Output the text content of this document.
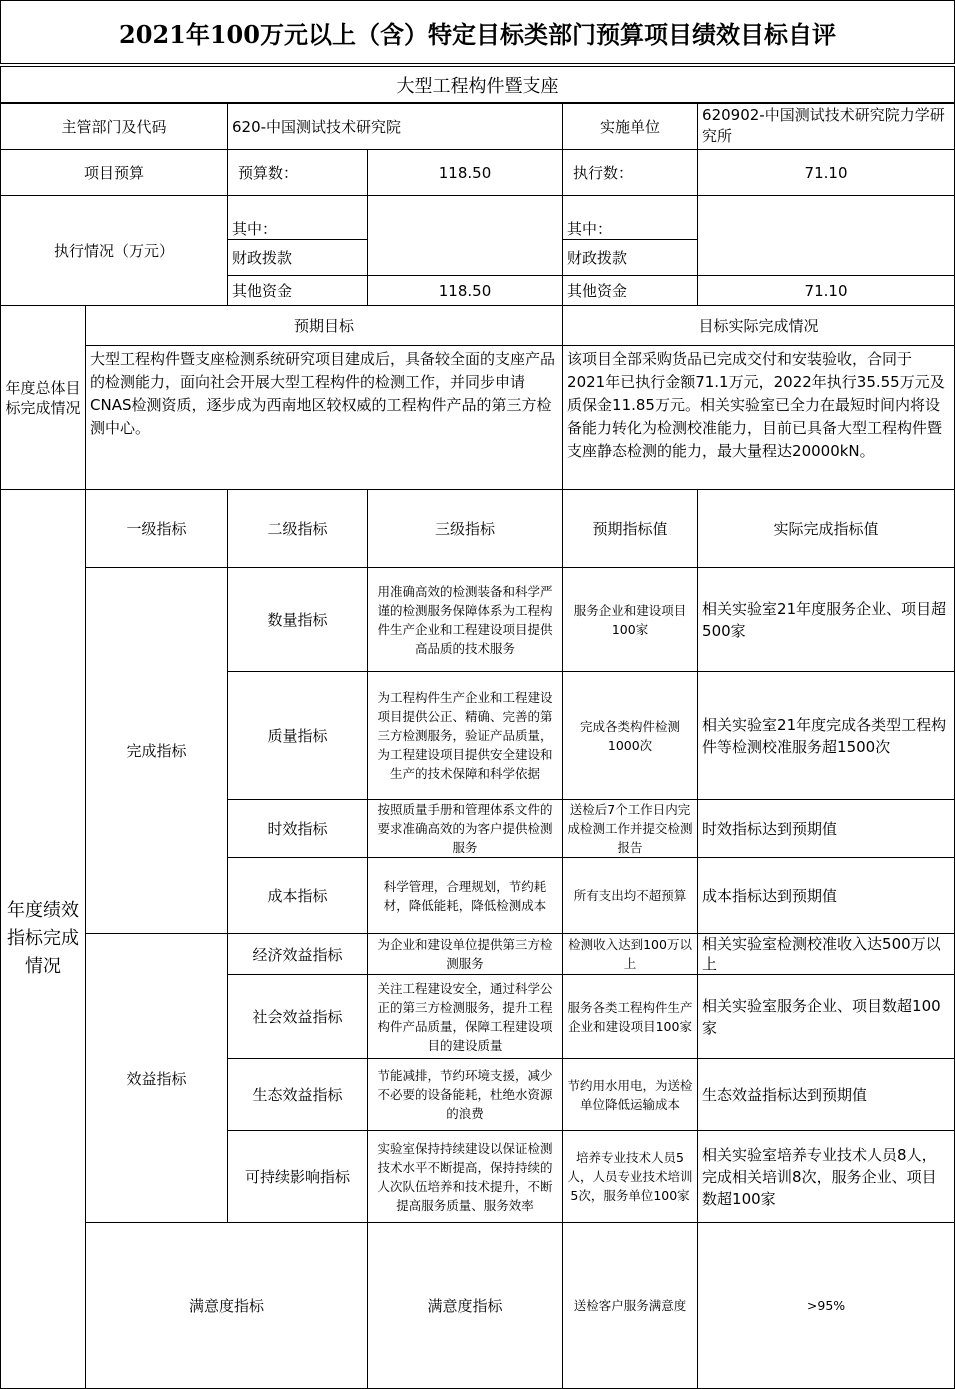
2021年100万元以上（含）特定目标类部门预算项目绩效目标自评
大型工程构件暨支座
主管部门及代码		620-中国测试技术研究院		实施单位	620902-中国测试技术研究院力学研究所	
项目预算		预算数：	118.50	执行数：	71.10	
执行情况（万元）		其中：		其中：		
		财政拨款		财政拨款		
		其他资金	118.50	其他资金	71.10	
年度总体目标完成情况	预期目标			目标实际完成情况		
	大型工程构件暨支座检测系统研究项目建成后，具备较全面的支座产品的检测能力，面向社会开展大型工程构件的检测工作，并同步申请CNAS检测资质，逐步成为西南地区较权威的工程构件产品的第三方检测中心。			该项目全部采购货品已完成交付和安装验收，合同于2021年已执行金额71.1万元，2022年执行35.55万元及质保金11.85万元。相关实验室已全力在最短时间内将设备能力转化为检测校准能力，目前已具备大型工程构件暨支座静态检测的能力，最大量程达20000kN。		
年度绩效指标完成情况	一级指标	二级指标	三级指标	预期指标值	实际完成指标值	
	完成指标	数量指标	用准确高效的检测装备和科学严谨的检测服务保障体系为工程构件生产企业和工程建设项目提供高品质的技术服务	服务企业和建设项目100家	相关实验室21年度服务企业、项目超500家	
		质量指标	为工程构件生产企业和工程建设项目提供公正、精确、完善的第三方检测服务，验证产品质量，为工程建设项目提供安全建设和生产的技术保障和科学依据	完成各类构件检测1000次	相关实验室21年度完成各类型工程构件等检测校准服务超1500次	
		时效指标	按照质量手册和管理体系文件的要求准确高效的为客户提供检测服务	送检后7个工作日内完成检测工作并提交检测报告	时效指标达到预期值	
		成本指标	科学管理，合理规划，节约耗材，降低能耗，降低检测成本	所有支出均不超预算	成本指标达到预期值	
	效益指标	经济效益指标	为企业和建设单位提供第三方检测服务	检测收入达到100万以上	相关实验室检测校准收入达500万以上	
		社会效益指标	关注工程建设安全，通过科学公正的第三方检测服务，提升工程构件产品质量，保障工程建设项目的建设质量	服务各类工程构件生产企业和建设项目100家	相关实验室服务企业、项目数超100家	
		生态效益指标	节能减排，节约环境支援，减少不必要的设备能耗，杜绝水资源的浪费	节约用水用电，为送检单位降低运输成本	生态效益指标达到预期值	
		可持续影响指标	实验室保持持续建设以保证检测技术水平不断提高，保持持续的人次队伍培养和技术提升，不断提高服务质量、服务效率	培养专业技术人员5人，人员专业技术培训5次，服务单位100家	相关实验室培养专业技术人员8人，完成相关培训8次，服务企业、项目数超100家	
	满意度指标		满意度指标	送检客户服务满意度	>95%	
